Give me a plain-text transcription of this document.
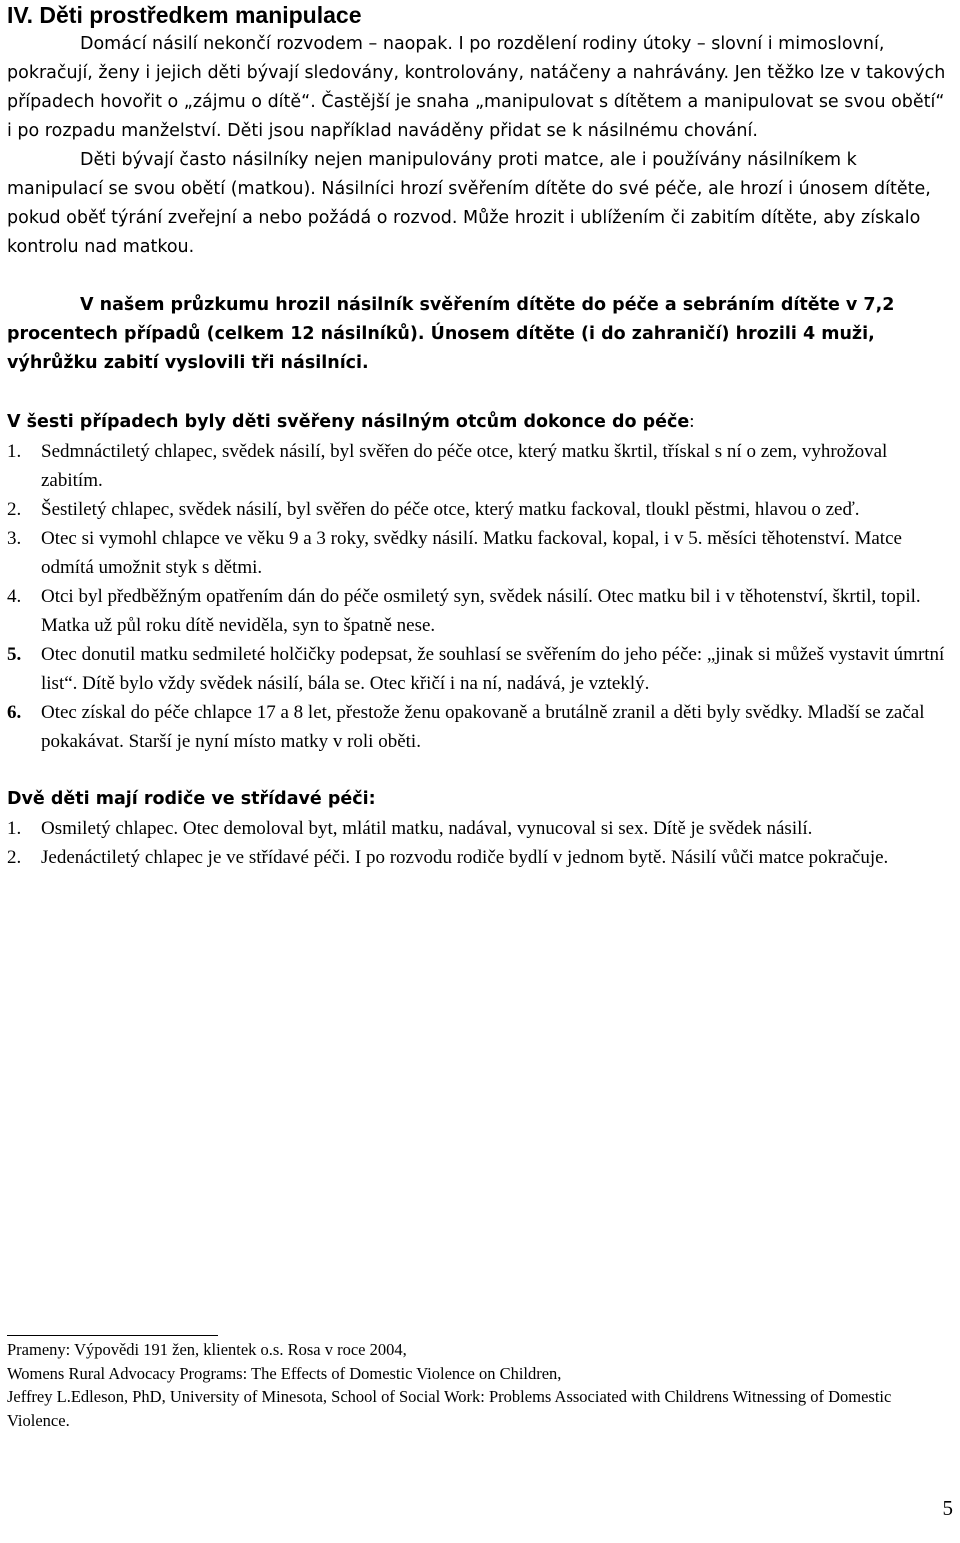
IV. Děti prostředkem manipulace

Domácí násilí nekončí rozvodem – naopak. I po rozdělení rodiny útoky – slovní i mimoslovní, pokračují, ženy i jejich děti bývají sledovány, kontrolovány, natáčeny a nahrávány. Jen těžko lze v takových případech hovořit o „zájmu o dítě“. Častější je snaha „manipulovat s dítětem a manipulovat se svou obětí“ i po rozpadu manželství. Děti jsou například naváděny přidat se k násilnému chování.

Děti bývají často násilníky nejen manipulovány proti matce, ale i používány násilníkem k manipulací se svou obětí (matkou). Násilníci hrozí svěřením dítěte do své péče, ale hrozí i únosem dítěte, pokud oběť týrání zveřejní a nebo požádá o rozvod. Může hrozit i ublížením či zabitím dítěte, aby získalo kontrolu nad matkou.

V našem průzkumu hrozil násilník svěřením dítěte do péče a sebráním dítěte v 7,2 procentech případů (celkem 12 násilníků). Únosem dítěte (i do zahraničí) hrozili 4 muži, výhrůžku zabití vyslovili tři násilníci.

V šesti případech byly děti svěřeny násilným otcům dokonce do péče:

1. Sedmnáctiletý chlapec, svědek násilí, byl svěřen do péče otce, který matku škrtil, třískal s ní o zem, vyhrožoval zabitím.
2. Šestiletý chlapec, svědek násilí, byl svěřen do péče otce, který matku fackoval, tloukl pěstmi, hlavou o zeď.
3. Otec si vymohl chlapce ve věku 9 a 3 roky, svědky násilí. Matku fackoval, kopal, i v 5. měsíci těhotenství. Matce odmítá umožnit styk s dětmi.
4. Otci byl předběžným opatřením dán do péče osmiletý syn, svědek násilí. Otec matku bil i v těhotenství, škrtil, topil. Matka už půl roku dítě neviděla, syn to špatně nese.
5. Otec donutil matku sedmileté holčičky podepsat, že souhlasí se svěřením do jeho péče: „jinak si můžeš vystavit úmrtní list“. Dítě bylo vždy svědek násilí, bála se. Otec křičí i na ní, nadává, je vzteklý.
6. Otec získal do péče chlapce 17 a 8 let, přestože ženu opakovaně a brutálně zranil a děti byly svědky. Mladší se začal pokakávat. Starší je nyní místo matky v roli oběti.

Dvě děti mají rodiče ve střídavé péči:

1. Osmiletý chlapec. Otec demoloval byt, mlátil matku, nadával, vynucoval si sex. Dítě je svědek násilí.
2. Jedenáctiletý chlapec je ve střídavé péči. I po rozvodu rodiče bydlí v jednom bytě. Násilí vůči matce pokračuje.

Prameny: Výpovědi 191 žen, klientek o.s. Rosa v roce 2004,

Womens Rural Advocacy Programs: The Effects of Domestic Violence on Children,

Jeffrey L.Edleson, PhD, University of Minesota, School of Social Work: Problems Associated with Childrens Witnessing of Domestic Violence.

5
